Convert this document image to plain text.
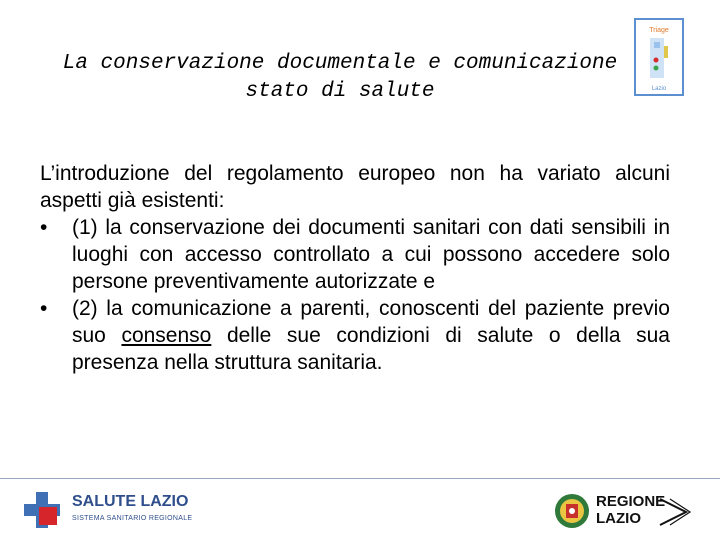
La conservazione documentale e comunicazione
stato di salute
Triage
Lazio

L’introduzione del regolamento europeo non ha variato alcuni aspetti già esistenti:

• (1) la conservazione dei documenti sanitari con dati sensibili in luoghi con accesso controllato a cui possono accedere solo persone preventivamente autorizzate e
• (2) la comunicazione a parenti, conoscenti del paziente previo suo consenso delle sue condizioni di salute o della sua presenza nella struttura sanitaria.
SALUTE LAZIO
SISTEMA SANITARIO REGIONALE
REGIONE
LAZIO
